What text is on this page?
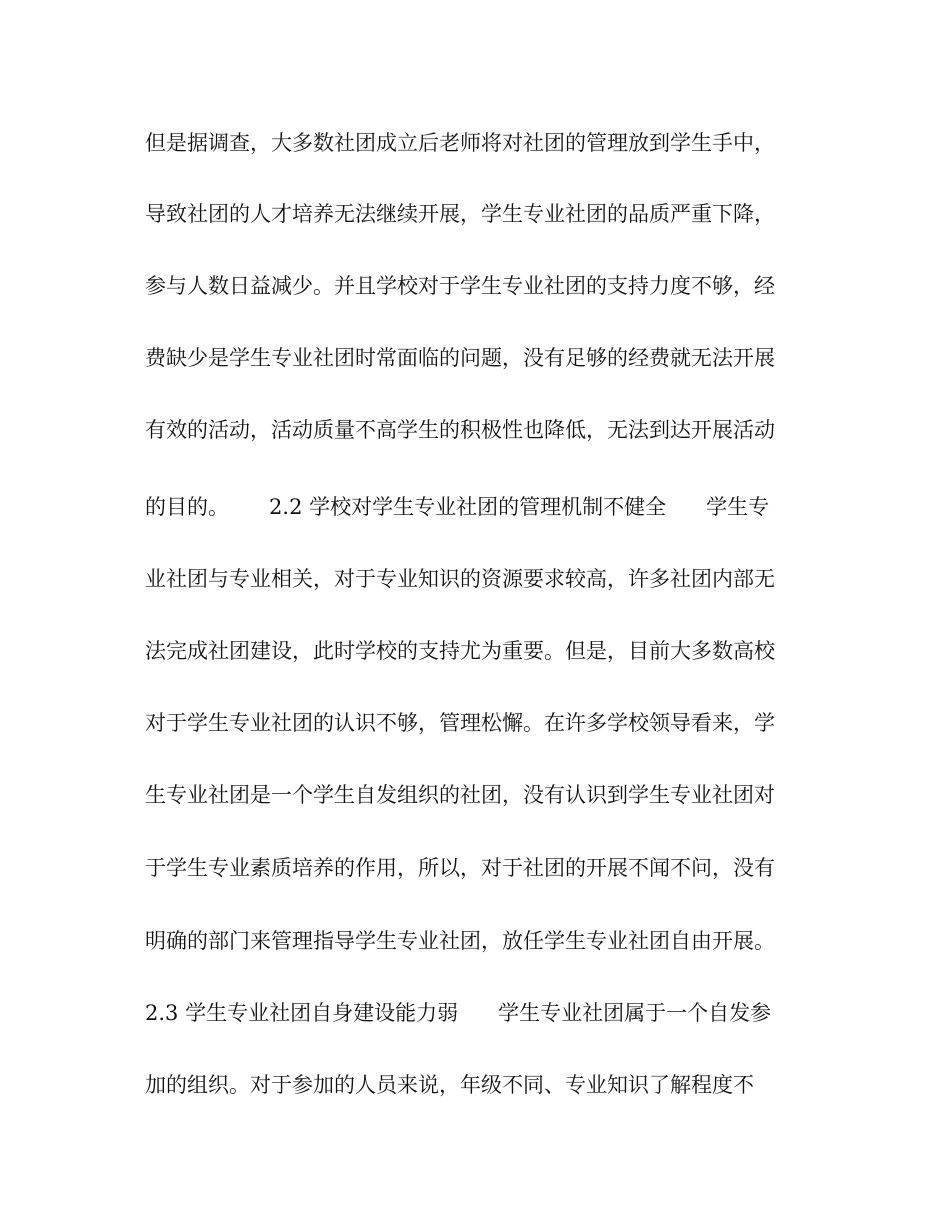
但是据调查，大多数社团成立后老师将对社团的管理放到学生手中，
导致社团的人才培养无法继续开展，学生专业社团的品质严重下降，
参与人数日益减少。并且学校对于学生专业社团的支持力度不够，经
费缺少是学生专业社团时常面临的问题，没有足够的经费就无法开展
有效的活动，活动质量不高学生的积极性也降低，无法到达开展活动
的目的。      2.2 学校对学生专业社团的管理机制不健全      学生专
业社团与专业相关，对于专业知识的资源要求较高，许多社团内部无
法完成社团建设，此时学校的支持尤为重要。但是，目前大多数高校
对于学生专业社团的认识不够，管理松懈。在许多学校领导看来，学
生专业社团是一个学生自发组织的社团，没有认识到学生专业社团对
于学生专业素质培养的作用，所以，对于社团的开展不闻不问，没有
明确的部门来管理指导学生专业社团，放任学生专业社团自由开展。
2.3 学生专业社团自身建设能力弱      学生专业社团属于一个自发参
加的组织。对于参加的人员来说，年级不同、专业知识了解程度不
